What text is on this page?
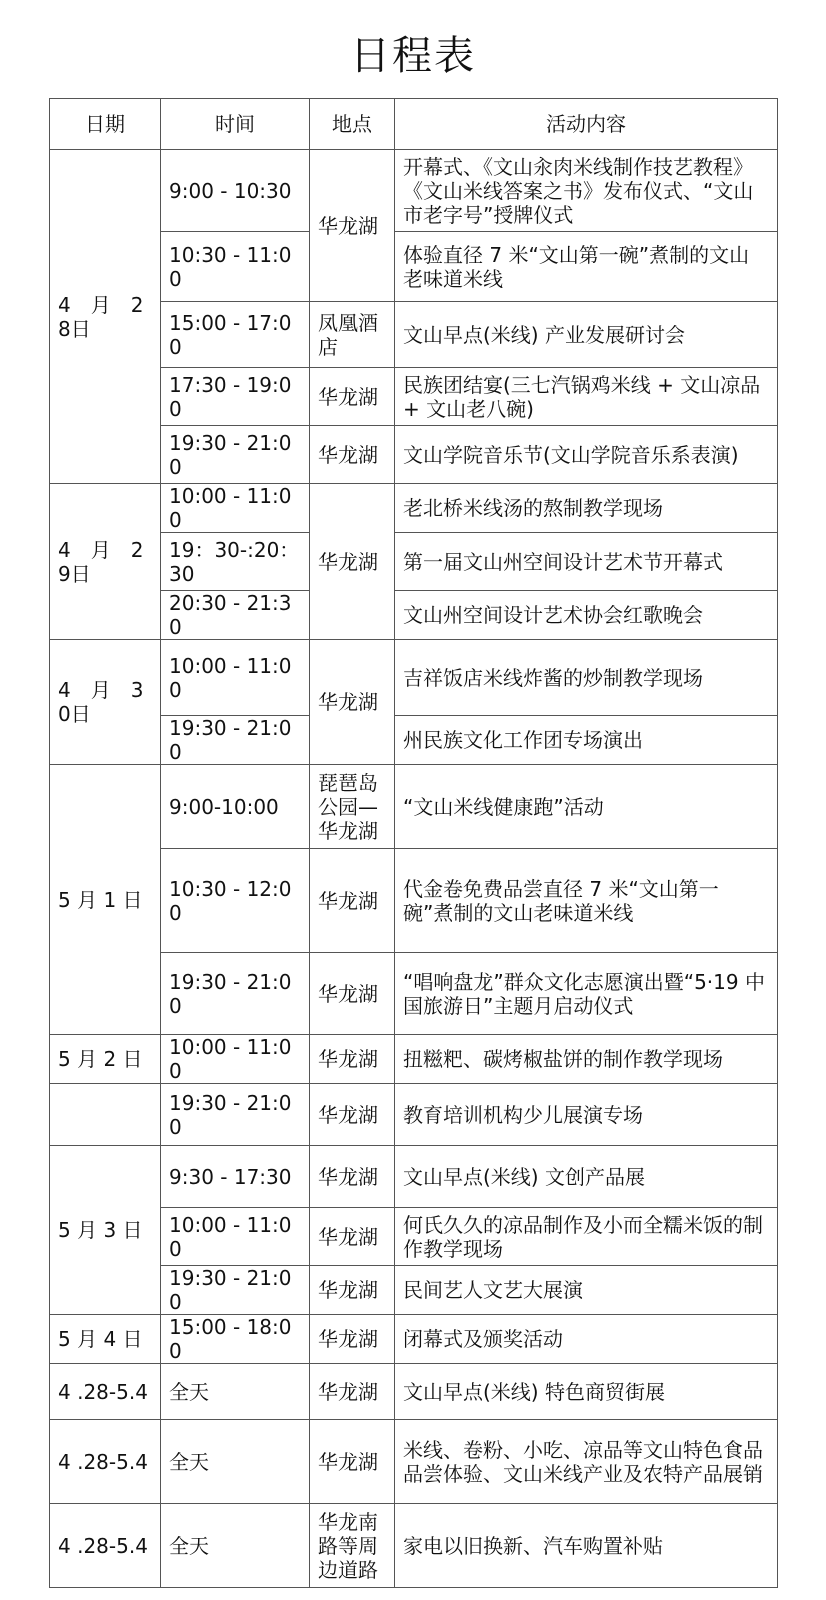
日程表
日期	时间	地点	活动内容
4　月　28日	9:00 - 10:30	华龙湖	开幕式、《文山汆肉米线制作技艺教程》《文山米线答案之书》发布仪式、“文山市老字号”授牌仪式
	10:30 - 11:00		体验直径 7 米“文山第一碗”煮制的文山老味道米线
	15:00 - 17:00	凤凰酒店	文山早点(米线) 产业发展研讨会
	17:30 - 19:00	华龙湖	民族团结宴(三七汽锅鸡米线 + 文山凉品 + 文山老八碗)
	19:30 - 21:00	华龙湖	文山学院音乐节(文山学院音乐系表演)
4　月　29日	10:00 - 11:00	华龙湖	老北桥米线汤的熬制教学现场
	19：30-:20：30		第一届文山州空间设计艺术节开幕式
	20:30 - 21:30		文山州空间设计艺术协会红歌晚会
4　月　30日	10:00 - 11:00	华龙湖	吉祥饭店米线炸酱的炒制教学现场
	19:30 - 21:00		州民族文化工作团专场演出
5 月 1 日	9:00-10:00	琵琶岛公园—华龙湖	“文山米线健康跑”活动
	10:30 - 12:00	华龙湖	代金卷免费品尝直径 7 米“文山第一碗”煮制的文山老味道米线
	19:30 - 21:00	华龙湖	“唱响盘龙”群众文化志愿演出暨“5·19 中国旅游日”主题月启动仪式
5 月 2 日	10:00 - 11:00	华龙湖	扭糍粑、碳烤椒盐饼的制作教学现场
	19:30 - 21:00	华龙湖	教育培训机构少儿展演专场
5 月 3 日	9:30 - 17:30	华龙湖	文山早点(米线) 文创产品展
	10:00 - 11:00	华龙湖	何氏久久的凉品制作及小而全糯米饭的制作教学现场
	19:30 - 21:00	华龙湖	民间艺人文艺大展演
5 月 4 日	15:00 - 18:00	华龙湖	闭幕式及颁奖活动
4 .28-5.4	全天	华龙湖	文山早点(米线) 特色商贸街展
4 .28-5.4	全天	华龙湖	米线、卷粉、小吃、凉品等文山特色食品品尝体验、文山米线产业及农特产品展销
4 .28-5.4	全天	华龙南路等周边道路	家电以旧换新、汽车购置补贴
